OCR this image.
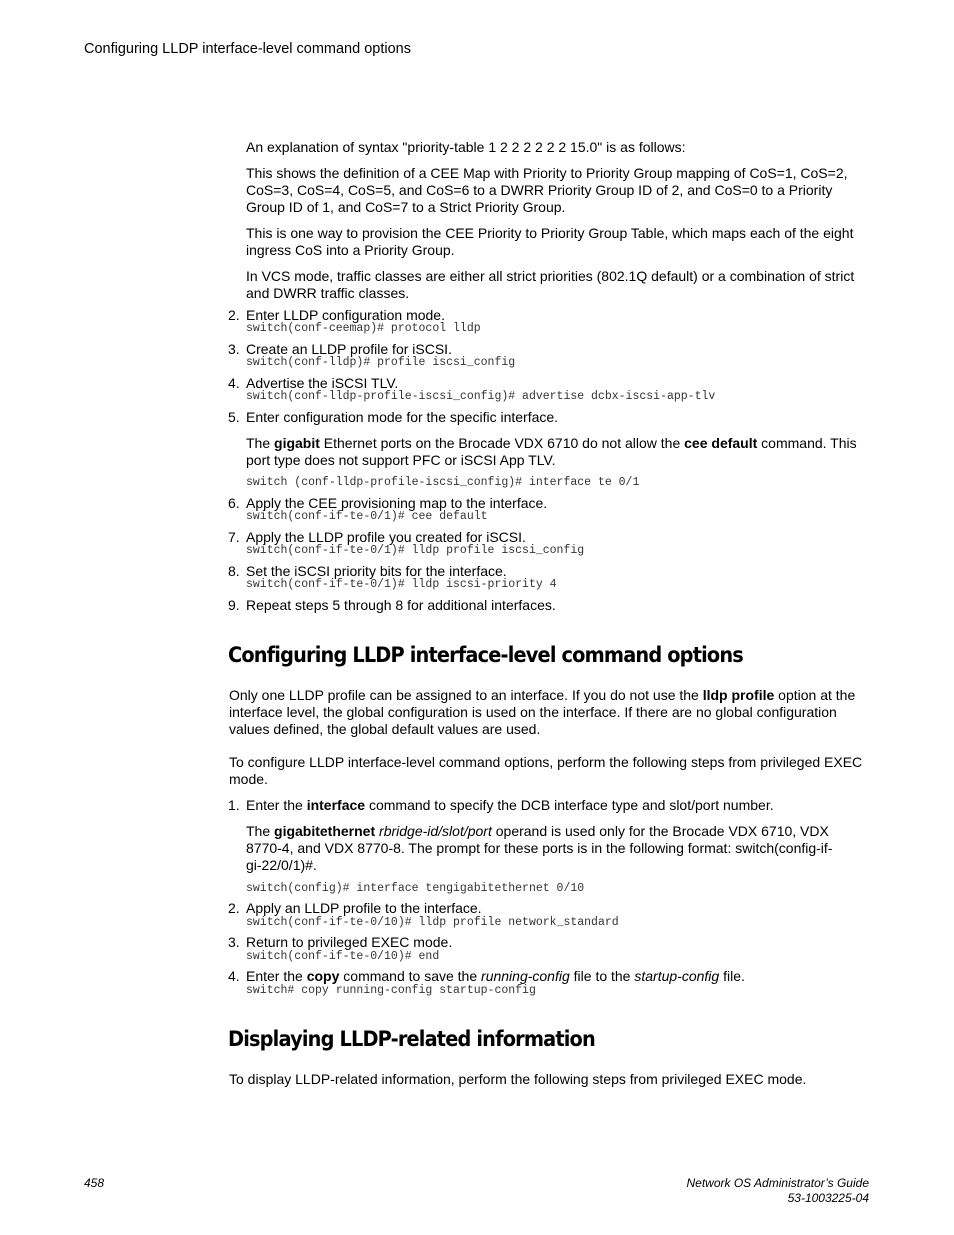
Configuring LLDP interface-level command options
An explanation of syntax "priority-table 1 2 2 2 2 2 2 15.0" is as follows:
This shows the definition of a CEE Map with Priority to Priority Group mapping of CoS=1, CoS=2, CoS=3, CoS=4, CoS=5, and CoS=6 to a DWRR Priority Group ID of 2, and CoS=0 to a Priority Group ID of 1, and CoS=7 to a Strict Priority Group.
This is one way to provision the CEE Priority to Priority Group Table, which maps each of the eight ingress CoS into a Priority Group.
In VCS mode, traffic classes are either all strict priorities (802.1Q default) or a combination of strict and DWRR traffic classes.
2. Enter LLDP configuration mode.
switch(conf-ceemap)# protocol lldp
3. Create an LLDP profile for iSCSI.
switch(conf-lldp)# profile iscsi_config
4. Advertise the iSCSI TLV.
switch(conf-lldp-profile-iscsi_config)# advertise dcbx-iscsi-app-tlv
5. Enter configuration mode for the specific interface.
The gigabit Ethernet ports on the Brocade VDX 6710 do not allow the cee default command. This port type does not support PFC or iSCSI App TLV.
switch (conf-lldp-profile-iscsi_config)# interface te 0/1
6. Apply the CEE provisioning map to the interface.
switch(conf-if-te-0/1)# cee default
7. Apply the LLDP profile you created for iSCSI.
switch(conf-if-te-0/1)# lldp profile iscsi_config
8. Set the iSCSI priority bits for the interface.
switch(conf-if-te-0/1)# lldp iscsi-priority 4
9. Repeat steps 5 through 8 for additional interfaces.
Configuring LLDP interface-level command options
Only one LLDP profile can be assigned to an interface. If you do not use the lldp profile option at the interface level, the global configuration is used on the interface. If there are no global configuration values defined, the global default values are used.
To configure LLDP interface-level command options, perform the following steps from privileged EXEC mode.
1. Enter the interface command to specify the DCB interface type and slot/port number.
The gigabitethernet rbridge-id/slot/port operand is used only for the Brocade VDX 6710, VDX 8770-4, and VDX 8770-8. The prompt for these ports is in the following format: switch(config-if-gi-22/0/1)#.
switch(config)# interface tengigabitethernet 0/10
2. Apply an LLDP profile to the interface.
switch(conf-if-te-0/10)# lldp profile network_standard
3. Return to privileged EXEC mode.
switch(conf-if-te-0/10)# end
4. Enter the copy command to save the running-config file to the startup-config file.
switch# copy running-config startup-config
Displaying LLDP-related information
To display LLDP-related information, perform the following steps from privileged EXEC mode.
458	Network OS Administrator’s Guide
53-1003225-04
